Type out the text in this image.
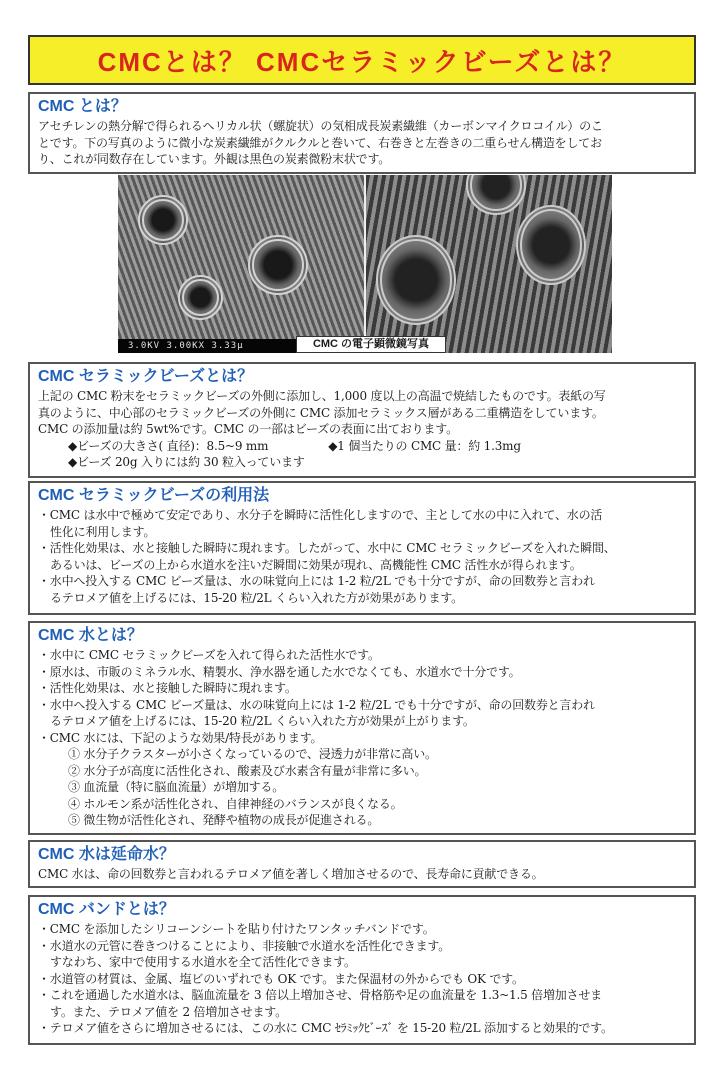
CMCとは？ CMCセラミックビーズとは？
CMC とは？
アセチレンの熱分解で得られるヘリカル状（螺旋状）の気相成長炭素繊維（カーボンマイクロコイル）のこ
とです。下の写真のように微小な炭素繊維がクルクルと巻いて、右巻きと左巻きの二重らせん構造をしてお
り、これが同数存在しています。外観は黒色の炭素微粉末状です。
3.0KV 3.00KX 3.33μ	CMC の電子顕微鏡写真
CMC セラミックビーズとは？
上記の CMC 粉末をセラミックビーズの外側に添加し、1,000 度以上の高温で焼結したものです。表紙の写
真のように、中心部のセラミックビーズの外側に CMC 添加セラミックス層がある二重構造をしています。
CMC の添加量は約 5wt%です。CMC の一部はビーズの表面に出ております。
◆ビーズの大きさ( 直径)：8.5~9 mm	◆1 個当たりの CMC 量：約 1.3mg
◆ビーズ 20g 入りには約 30 粒入っています
CMC セラミックビーズの利用法
・CMC は水中で極めて安定であり、水分子を瞬時に活性化しますので、主として水の中に入れて、水の活
性化に利用します。
・活性化効果は、水と接触した瞬時に現れます。したがって、水中に CMC セラミックビーズを入れた瞬間、
あるいは、ビーズの上から水道水を注いだ瞬間に効果が現れ、高機能性 CMC 活性水が得られます。
・水中へ投入する CMC ビーズ量は、水の味覚向上には 1-2 粒/2L でも十分ですが、命の回数券と言われ
るテロメア値を上げるには、15-20 粒/2L くらい入れた方が効果があります。
CMC 水とは？
・水中に CMC セラミックビーズを入れて得られた活性水です。
・原水は、市販のミネラル水、精製水、浄水器を通した水でなくても、水道水で十分です。
・活性化効果は、水と接触した瞬時に現れます。
・水中へ投入する CMC ビーズ量は、水の味覚向上には 1-2 粒/2L でも十分ですが、命の回数券と言われ
るテロメア値を上げるには、15-20 粒/2L くらい入れた方が効果が上がります。
・CMC 水には、下記のような効果/特長があります。
① 水分子クラスターが小さくなっているので、浸透力が非常に高い。
② 水分子が高度に活性化され、酸素及び水素含有量が非常に多い。
③ 血流量（特に脳血流量）が増加する。
④ ホルモン系が活性化され、自律神経のバランスが良くなる。
⑤ 微生物が活性化され、発酵や植物の成長が促進される。
CMC 水は延命水？
CMC 水は、命の回数券と言われるテロメア値を著しく増加させるので、長寿命に貢献できる。
CMC バンドとは？
・CMC を添加したシリコーンシートを貼り付けたワンタッチバンドです。
・水道水の元管に巻きつけることにより、非接触で水道水を活性化できます。
すなわち、家中で使用する水道水を全て活性化できます。
・水道管の材質は、金属、塩ビのいずれでも OK です。また保温材の外からでも OK です。
・これを通過した水道水は、脳血流量を 3 倍以上増加させ、骨格筋や足の血流量を 1.3~1.5 倍増加させま
す。また、テロメア値を 2 倍増加させます。
・テロメア値をさらに増加させるには、この水に CMC ｾﾗﾐｯｸﾋﾞｰｽﾞ を 15-20 粒/2L 添加すると効果的です。
